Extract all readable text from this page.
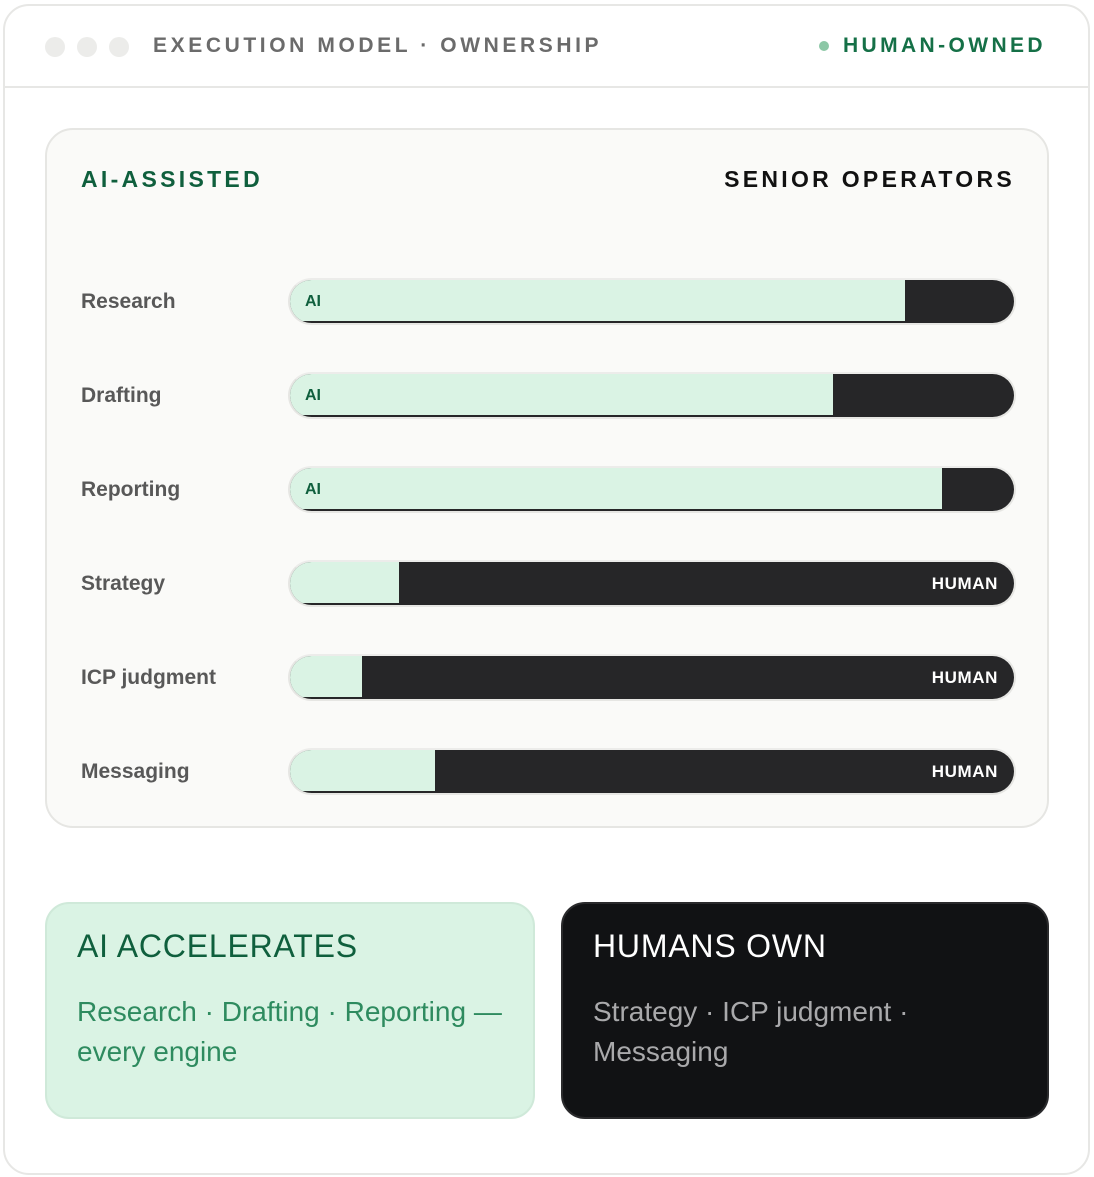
EXECUTION MODEL · OWNERSHIP	HUMAN-OWNED
AI-ASSISTED	SENIOR OPERATORS
Research	AI
Drafting	AI
Reporting	AI
Strategy	HUMAN
ICP judgment	HUMAN
Messaging	HUMAN
AI ACCELERATES
Research · Drafting · Reporting — every engine
HUMANS OWN
Strategy · ICP judgment · Messaging
